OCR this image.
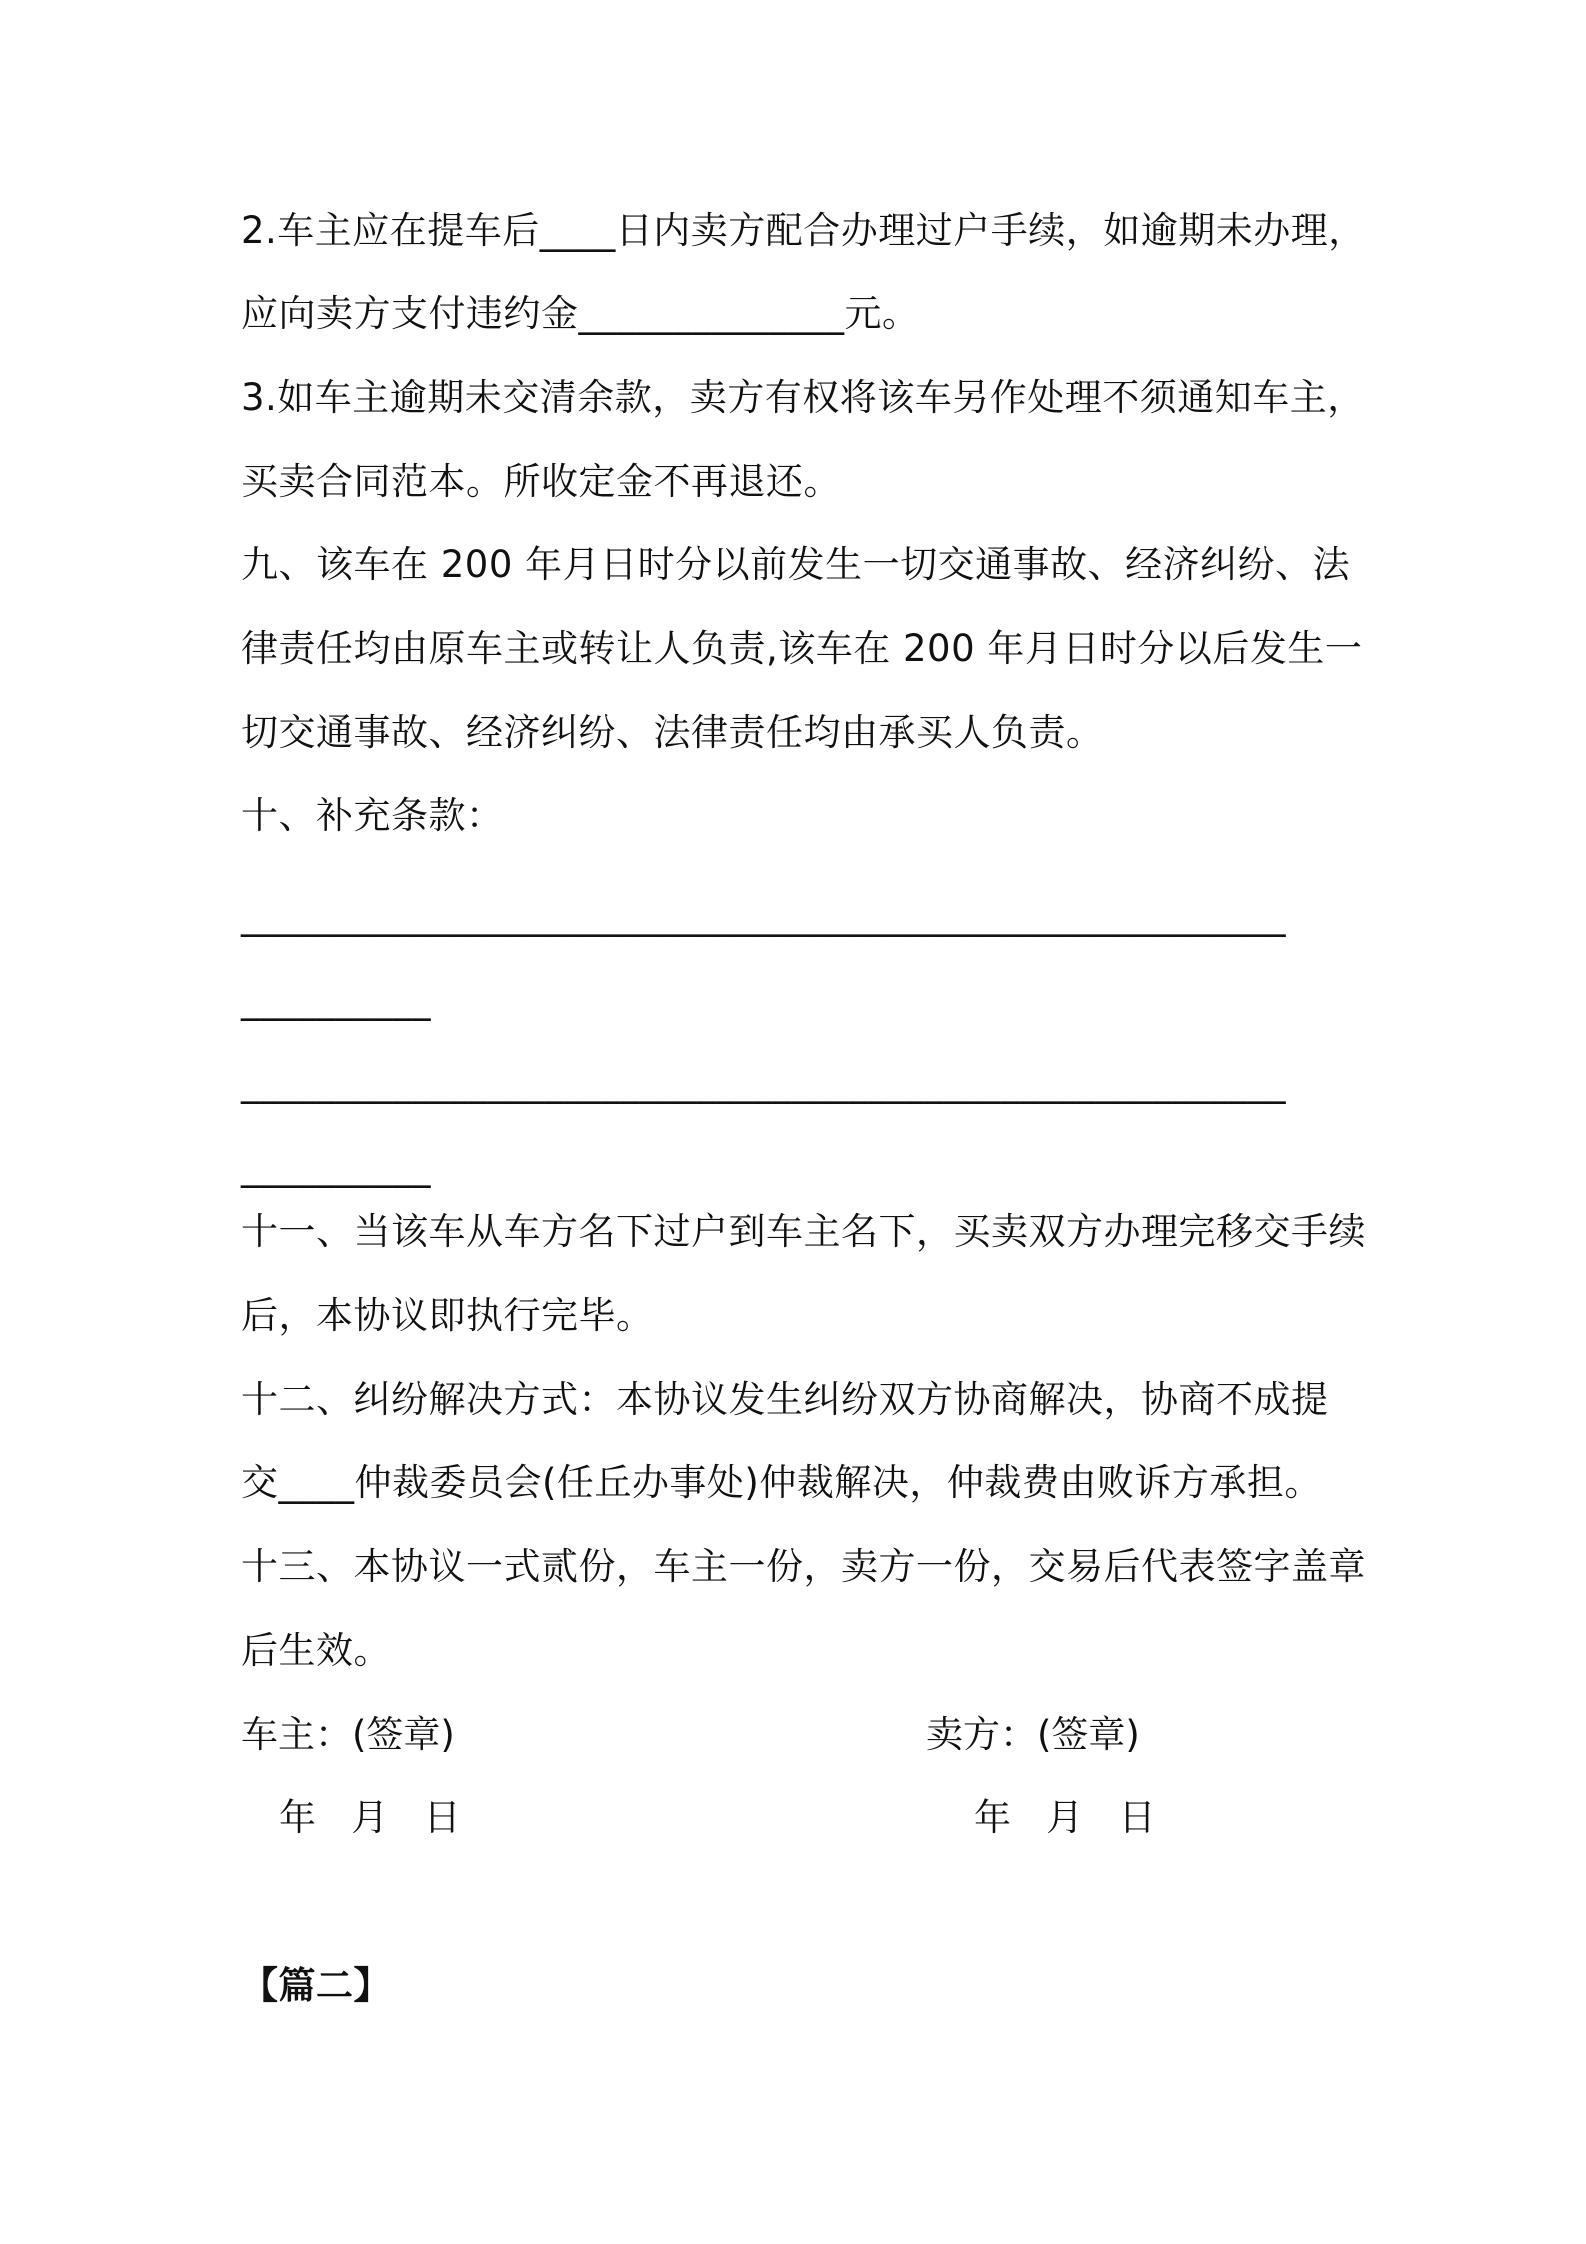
2.车主应在提车后____日内卖方配合办理过户手续，如逾期未办理，
应向卖方支付违约金______________元。
3.如车主逾期未交清余款，卖方有权将该车另作处理不须通知车主，
买卖合同范本。所收定金不再退还。
九、该车在 200 年月日时分以前发生一切交通事故、经济纠纷、法
律责任均由原车主或转让人负责,该车在 200 年月日时分以后发生一
切交通事故、经济纠纷、法律责任均由承买人负责。
十、补充条款：
_______________________________________________________
__________
_______________________________________________________
__________
十一、当该车从车方名下过户到车主名下，买卖双方办理完移交手续
后，本协议即执行完毕。
十二、纠纷解决方式：本协议发生纠纷双方协商解决，协商不成提
交____仲裁委员会(任丘办事处)仲裁解决，仲裁费由败诉方承担。
十三、本协议一式贰份，车主一份，卖方一份，交易后代表签字盖章
后生效。
车主：(签章)	卖方：(签章)
年   月   日	年   月   日
【篇二】
